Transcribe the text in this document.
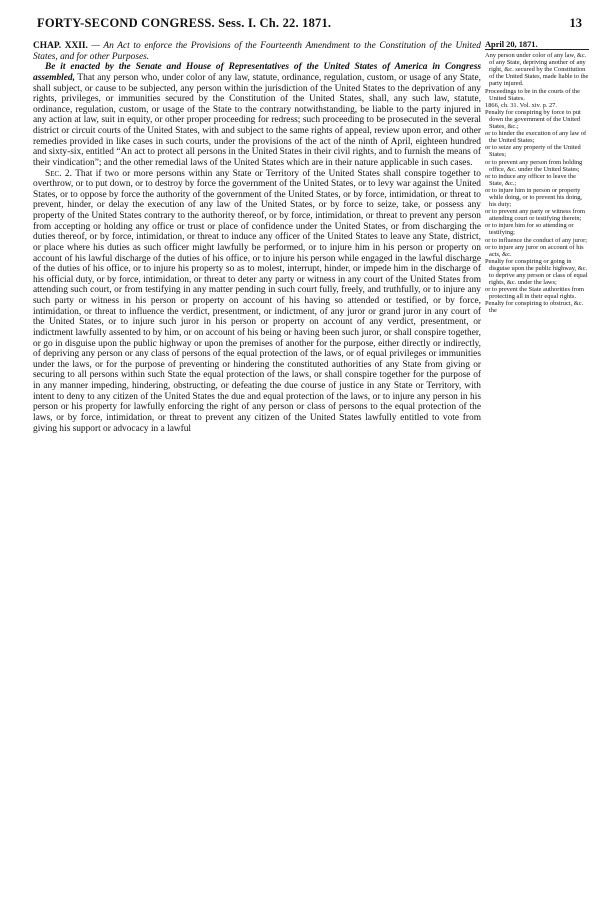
FORTY-SECOND CONGRESS. Sess. I. Ch. 22. 1871.	13

CHAP. XXII. — An Act to enforce the Provisions of the Fourteenth Amendment to the Constitution of the United States, and for other Purposes.

Be it enacted by the Senate and House of Representatives of the United States of America in Congress assembled, That any person who, under color of any law, statute, ordinance, regulation, custom, or usage of any State, shall subject, or cause to be subjected, any person within the jurisdiction of the United States to the deprivation of any rights, privileges, or immunities secured by the Constitution of the United States, shall, any such law, statute, ordinance, regulation, custom, or usage of the State to the contrary notwithstanding, be liable to the party injured in any action at law, suit in equity, or other proper proceeding for redress; such proceeding to be prosecuted in the several district or circuit courts of the United States, with and subject to the same rights of appeal, review upon error, and other remedies provided in like cases in such courts, under the provisions of the act of the ninth of April, eighteen hundred and sixty-six, entitled “An act to protect all persons in the United States in their civil rights, and to furnish the means of their vindication”; and the other remedial laws of the United States which are in their nature applicable in such cases.

Sec. 2. That if two or more persons within any State or Territory of the United States shall conspire together to overthrow, or to put down, or to destroy by force the government of the United States, or to levy war against the United States, or to oppose by force the authority of the government of the United States, or by force, intimidation, or threat to prevent, hinder, or delay the execution of any law of the United States, or by force to seize, take, or possess any property of the United States contrary to the authority thereof, or by force, intimidation, or threat to prevent any person from accepting or holding any office or trust or place of confidence under the United States, or from discharging the duties thereof, or by force, intimidation, or threat to induce any officer of the United States to leave any State, district, or place where his duties as such officer might lawfully be performed, or to injure him in his person or property on account of his lawful discharge of the duties of his office, or to injure his person while engaged in the lawful discharge of the duties of his office, or to injure his property so as to molest, interrupt, hinder, or impede him in the discharge of his official duty, or by force, intimidation, or threat to deter any party or witness in any court of the United States from attending such court, or from testifying in any matter pending in such court fully, freely, and truthfully, or to injure any such party or witness in his person or property on account of his having so attended or testified, or by force, intimidation, or threat to influence the verdict, presentment, or indictment, of any juror or grand juror in any court of the United States, or to injure such juror in his person or property on account of any verdict, presentment, or indictment lawfully assented to by him, or on account of his being or having been such juror, or shall conspire together, or go in disguise upon the public highway or upon the premises of another for the purpose, either directly or indirectly, of depriving any person or any class of persons of the equal protection of the laws, or of equal privileges or immunities under the laws, or for the purpose of preventing or hindering the constituted authorities of any State from giving or securing to all persons within such State the equal protection of the laws, or shall conspire together for the purpose of in any manner impeding, hindering, obstructing, or defeating the due course of justice in any State or Territory, with intent to deny to any citizen of the United States the due and equal protection of the laws, or to injure any person in his person or his property for lawfully enforcing the right of any person or class of persons to the equal protection of the laws, or by force, intimidation, or threat to prevent any citizen of the United States lawfully entitled to vote from giving his support or advocacy in a lawful

April 20, 1871.

Any person under color of any law, &c. of any State, depriving another of any right, &c. secured by the Constitution of the United States, made liable to the party injured.

Proceedings to be in the courts of the United States.

1866, ch. 31. Vol. xiv. p. 27.

Penalty for conspiring by force to put down the government of the United States, &c.;

or to hinder the execution of any law of the United States;

or to seize any property of the United States;

or to prevent any person from holding office, &c. under the United States;

or to induce any officer to leave the State, &c.;

or to injure him in person or property while doing, or to prevent his doing, his duty;

or to prevent any party or witness from attending court or testifying therein;

or to injure him for so attending or testifying;

or to influence the conduct of any juror;

or to injure any juror on account of his acts, &c.

Penalty for conspiring or going in disguise upon the public highway, &c. to deprive any person or class of equal rights, &c. under the laws;

or to prevent the State authorities from protecting all in their equal rights.

Penalty for conspiring to obstruct, &c. the
